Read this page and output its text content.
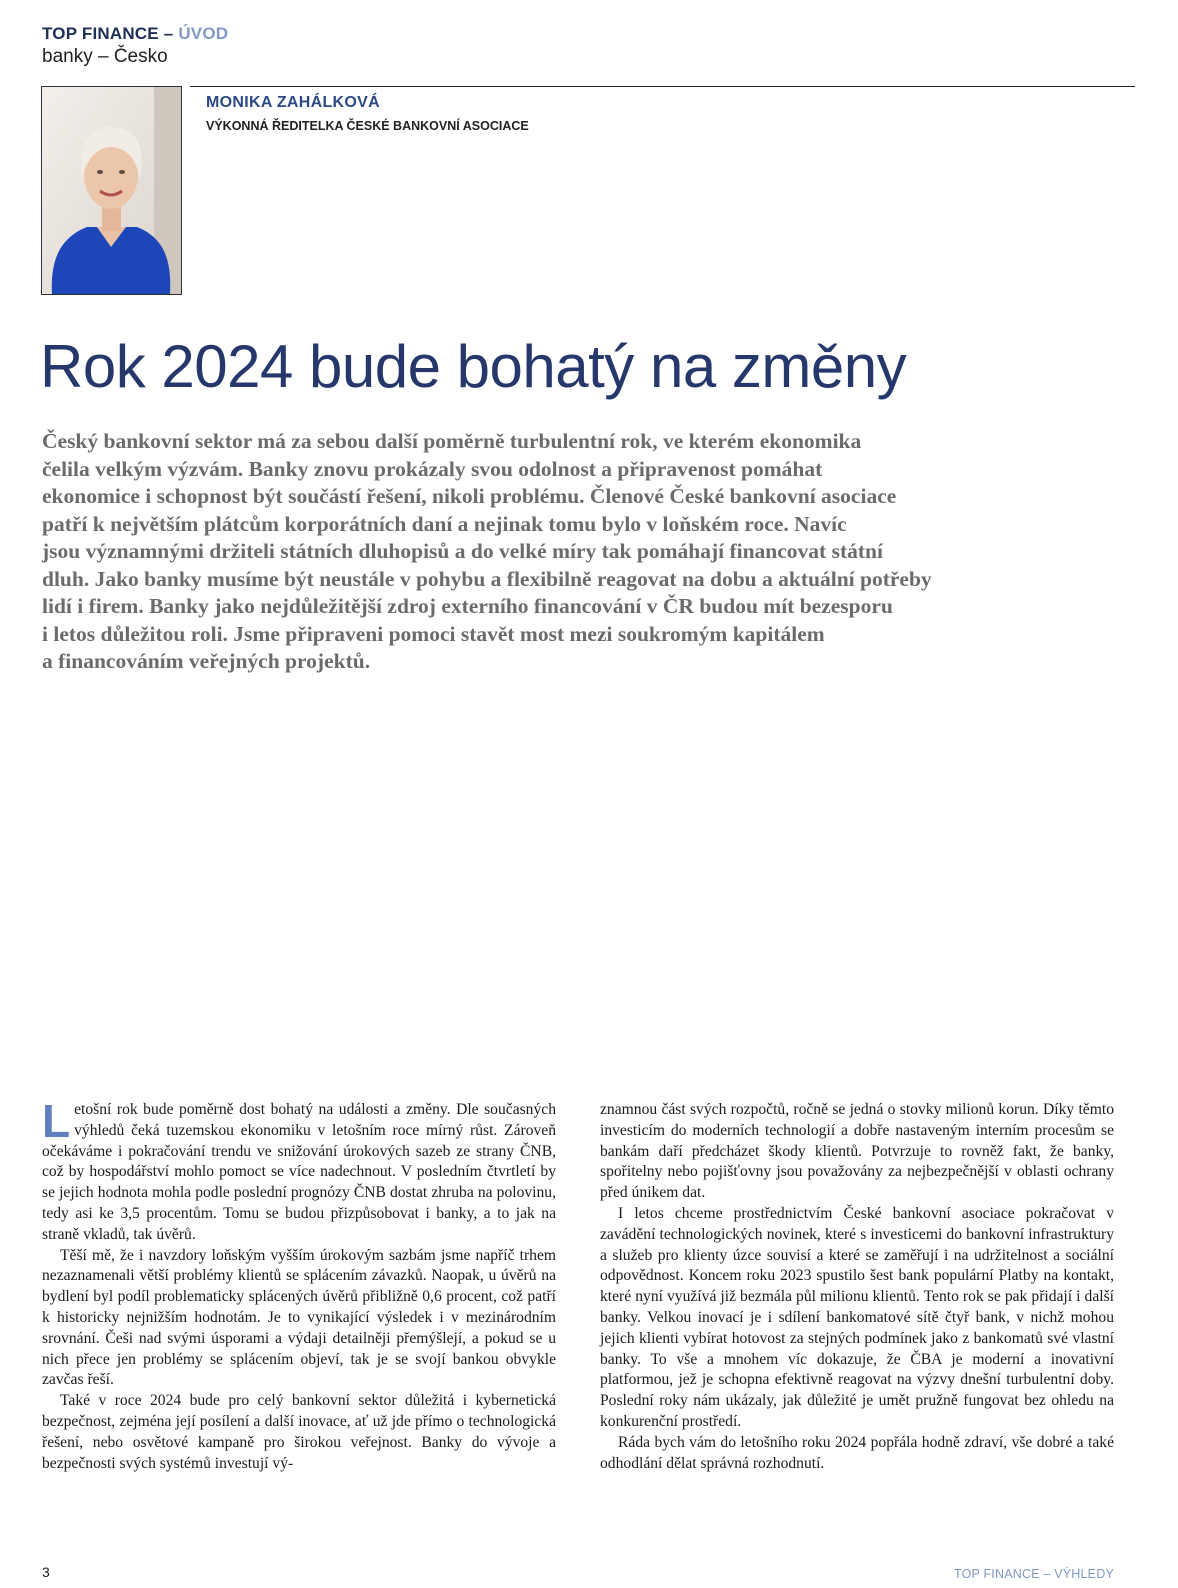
TOP FINANCE – ÚVOD
banky – Česko
MONIKA ZAHÁLKOVÁ
VÝKONNÁ ŘEDITELKA ČESKÉ BANKOVNÍ ASOCIACE
Rok 2024 bude bohatý na změny
Český bankovní sektor má za sebou další poměrně turbulentní rok, ve kterém ekonomika
čelila velkým výzvám. Banky znovu prokázaly svou odolnost a připravenost pomáhat
ekonomice i schopnost být součástí řešení, nikoli problému. Členové České bankovní asociace
patří k největším plátcům korporátních daní a nejinak tomu bylo v loňském roce. Navíc
jsou významnými držiteli státních dluhopisů a do velké míry tak pomáhají financovat státní
dluh. Jako banky musíme být neustále v pohybu a flexibilně reagovat na dobu a aktuální potřeby
lidí i firem. Banky jako nejdůležitější zdroj externího financování v ČR budou mít bezesporu
i letos důležitou roli. Jsme připraveni pomoci stavět most mezi soukromým kapitálem
a financováním veřejných projektů.

Letošní rok bude poměrně dost bohatý na události a změny. Dle současných výhledů čeká tuzemskou ekonomiku v letošním roce mírný růst. Zároveň očekáváme i pokračování trendu ve snižování úrokových sazeb ze strany ČNB, což by hospodářství mohlo pomoct se více nadechnout. V posledním čtvrtletí by se jejich hodnota mohla podle poslední prognózy ČNB dostat zhruba na polovinu, tedy asi ke 3,5 procentům. Tomu se budou přizpůsobovat i banky, a to jak na straně vkladů, tak úvěrů.

Těší mě, že i navzdory loňským vyšším úrokovým sazbám jsme napříč trhem nezaznamenali větší problémy klientů se splácením závazků. Naopak, u úvěrů na bydlení byl podíl problematicky splácených úvěrů přibližně 0,6 procent, což patří k historicky nejnižším hodnotám. Je to vynikající výsledek i v mezinárodním srovnání. Češi nad svými úsporami a výdaji detailněji přemýšlejí, a pokud se u nich přece jen problémy se splácením objeví, tak je se svojí bankou obvykle zavčas řeší.

Také v roce 2024 bude pro celý bankovní sektor důležitá i kybernetická bezpečnost, zejména její posílení a další inovace, ať už jde přímo o technologická řešení, nebo osvětové kampaně pro širokou veřejnost. Banky do vývoje a bezpečnosti svých systémů investují vý-

znamnou část svých rozpočtů, ročně se jedná o stovky milionů korun. Díky těmto investicím do moderních technologií a dobře nastaveným interním procesům se bankám daří předcházet škody klientů. Potvrzuje to rovněž fakt, že banky, spořitelny nebo pojišťovny jsou považovány za nejbezpečnější v oblasti ochrany před únikem dat.

I letos chceme prostřednictvím České bankovní asociace pokračovat v zavádění technologických novinek, které s investicemi do bankovní infrastruktury a služeb pro klienty úzce souvisí a které se zaměřují i na udržitelnost a sociální odpovědnost. Koncem roku 2023 spustilo šest bank populární Platby na kontakt, které nyní využívá již bezmála půl milionu klientů. Tento rok se pak přidají i další banky. Velkou inovací je i sdílení bankomatové sítě čtyř bank, v nichž mohou jejich klienti vybírat hotovost za stejných podmínek jako z bankomatů své vlastní banky. To vše a mnohem víc dokazuje, že ČBA je moderní a inovativní platformou, jež je schopna efektivně reagovat na výzvy dnešní turbulentní doby. Poslední roky nám ukázaly, jak důležité je umět pružně fungovat bez ohledu na konkurenční prostředí.

Ráda bych vám do letošního roku 2024 popřála hodně zdraví, vše dobré a také odhodlání dělat správná rozhodnutí.

3	TOP FINANCE – VÝHLEDY
